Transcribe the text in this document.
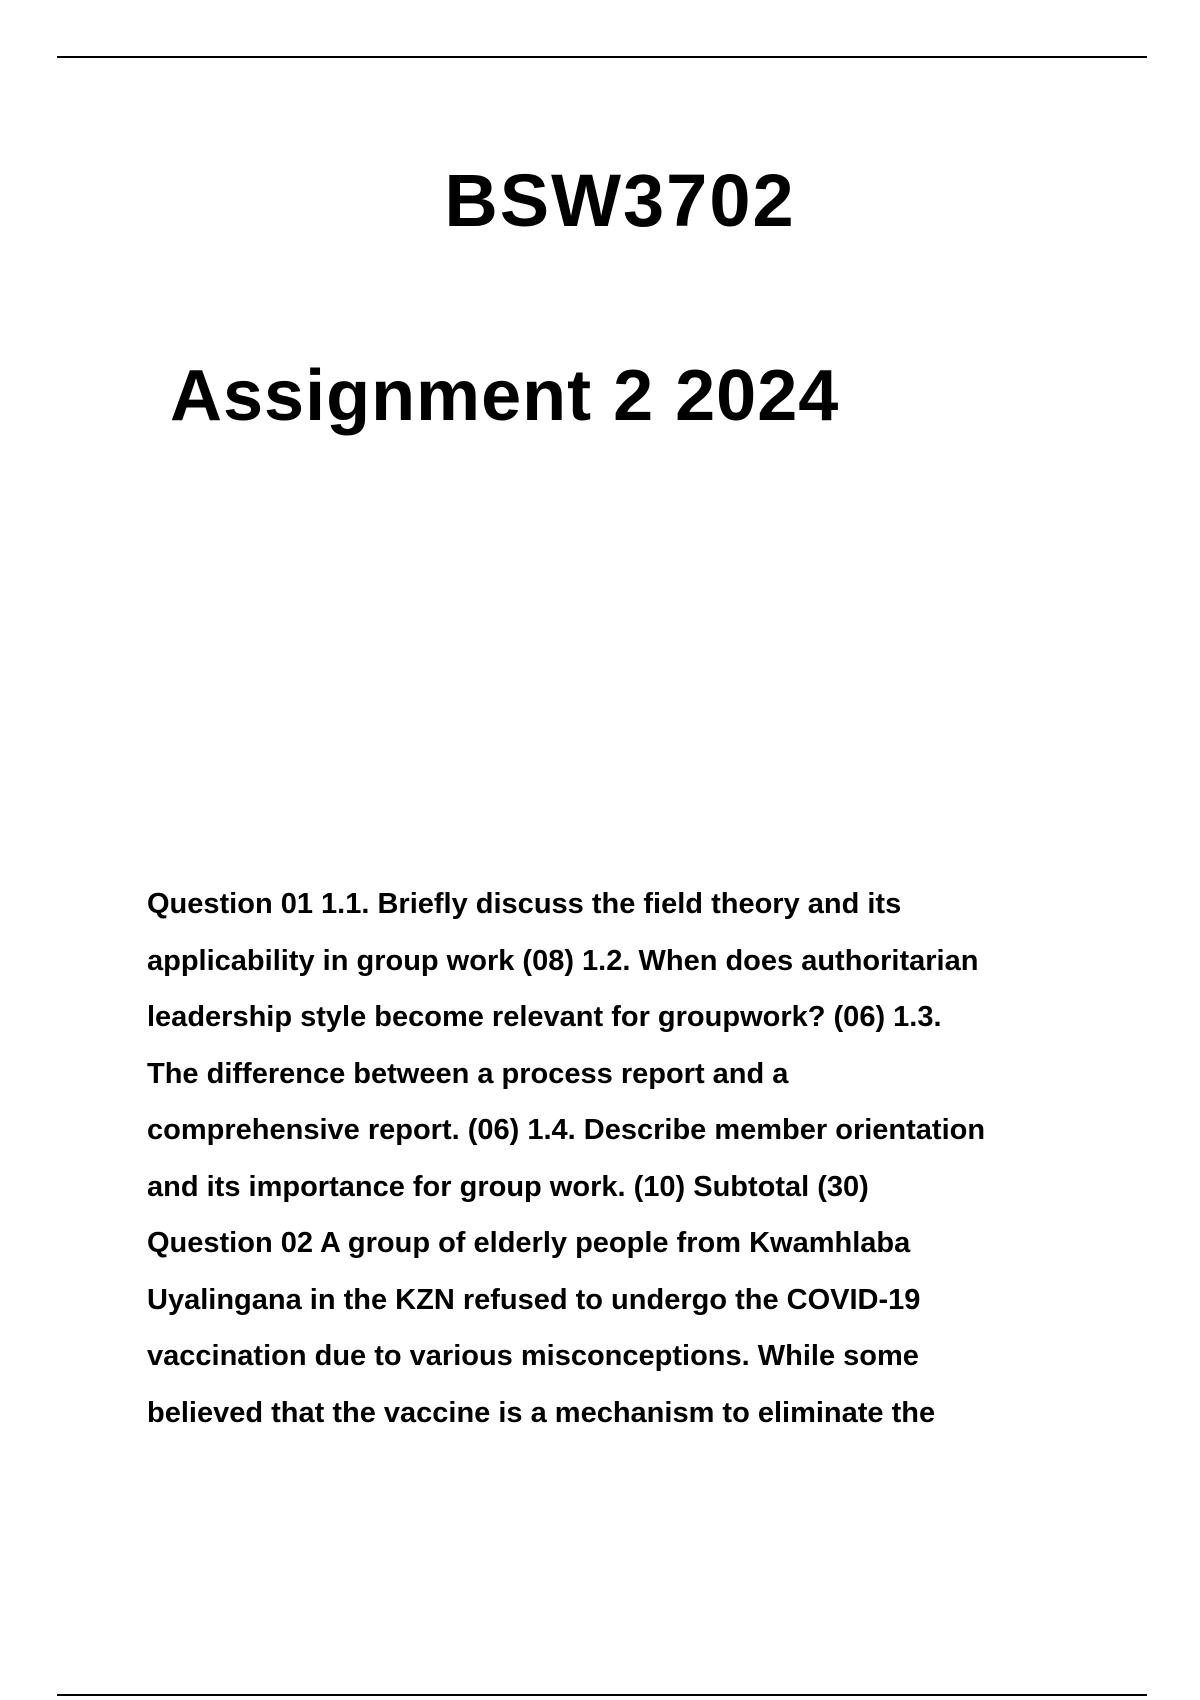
BSW3702
Assignment 2 2024
Question 01 1.1. Briefly discuss the field theory and its
applicability in group work (08) 1.2. When does authoritarian
leadership style become relevant for groupwork? (06) 1.3.
The difference between a process report and a
comprehensive report. (06) 1.4. Describe member orientation
and its importance for group work. (10) Subtotal (30)
Question 02 A group of elderly people from Kwamhlaba
Uyalingana in the KZN refused to undergo the COVID-19
vaccination due to various misconceptions. While some
believed that the vaccine is a mechanism to eliminate the
